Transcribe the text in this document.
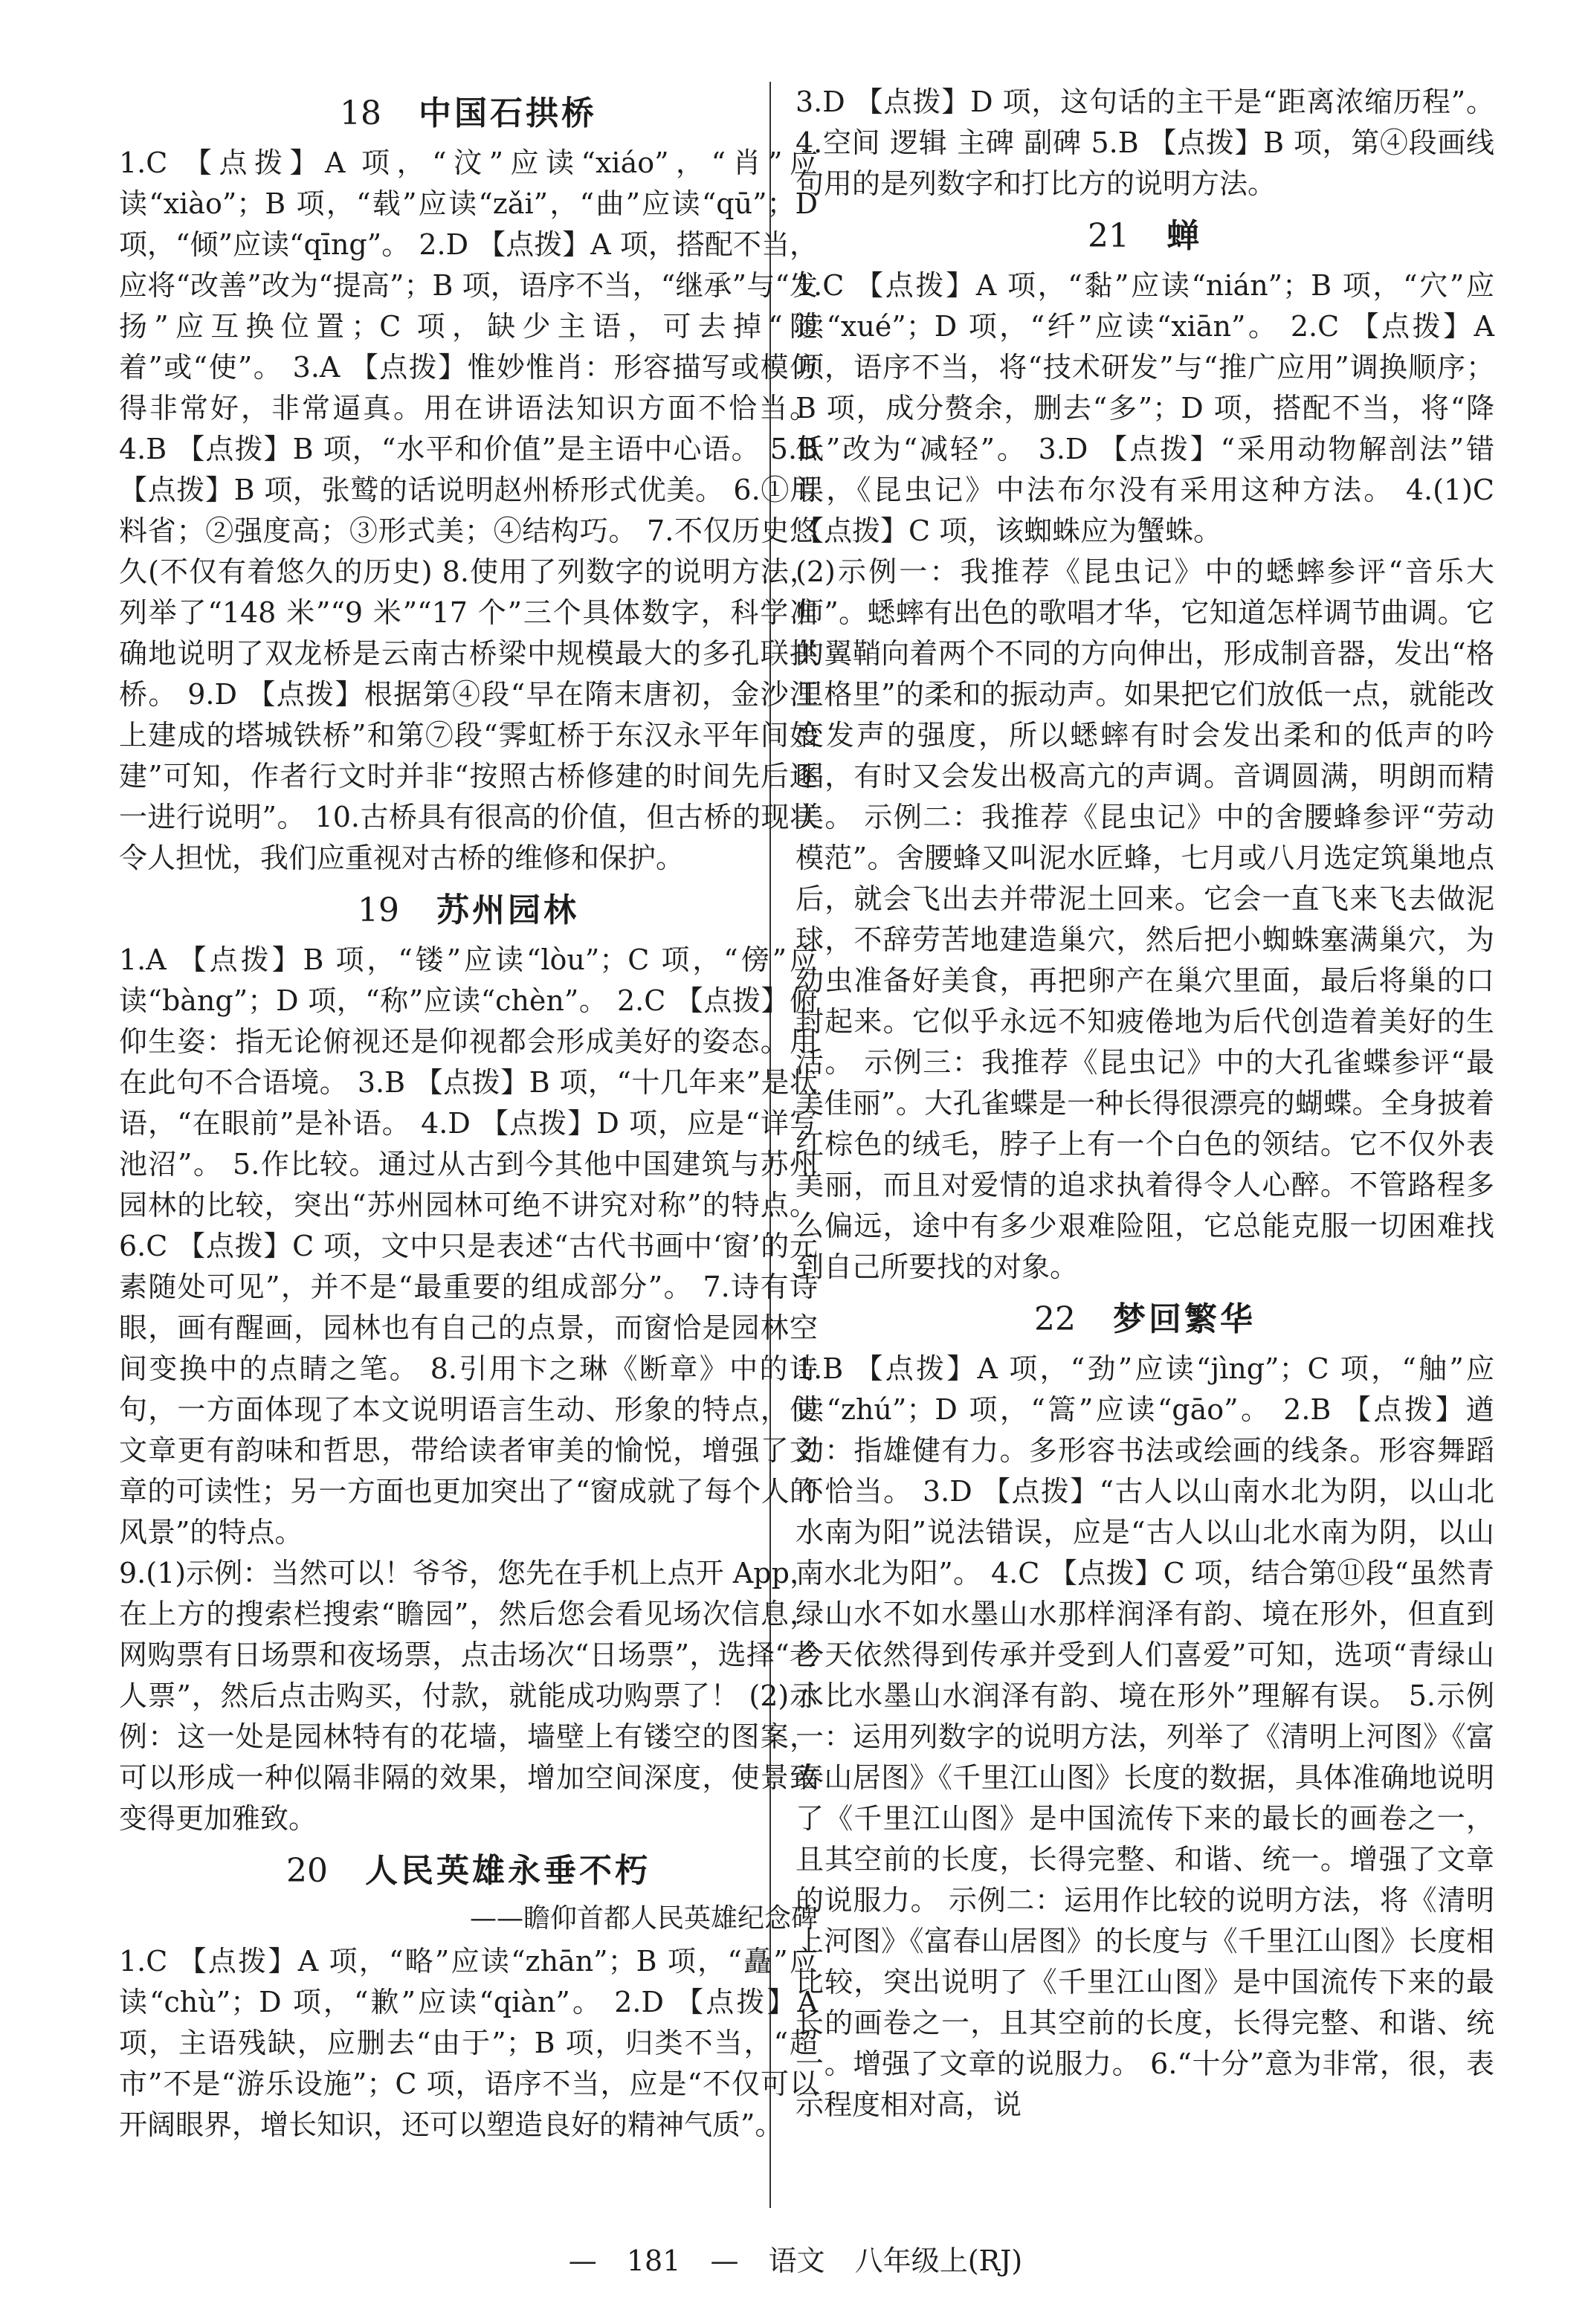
18 中国石拱桥

1.C 【点拨】A 项，“汶”应读“xiáo”，“肖”应读“xiào”；B 项，“载”应读“zǎi”，“曲”应读“qū”；D 项，“倾”应读“qīng”。 2.D 【点拨】A 项，搭配不当，应将“改善”改为“提高”；B 项，语序不当，“继承”与“发扬”应互换位置；C 项，缺少主语，可去掉“随着”或“使”。 3.A 【点拨】惟妙惟肖：形容描写或模仿得非常好，非常逼真。用在讲语法知识方面不恰当。 4.B 【点拨】B 项，“水平和价值”是主语中心语。 5.B 【点拨】B 项，张鹫的话说明赵州桥形式优美。 6.①用料省；②强度高；③形式美；④结构巧。 7.不仅历史悠久(不仅有着悠久的历史) 8.使用了列数字的说明方法，列举了“148 米”“9 米”“17 个”三个具体数字，科学准确地说明了双龙桥是云南古桥梁中规模最大的多孔联拱桥。 9.D 【点拨】根据第④段“早在隋末唐初，金沙江上建成的塔城铁桥”和第⑦段“霁虹桥于东汉永平年间始建”可知，作者行文时并非“按照古桥修建的时间先后逐一进行说明”。 10.古桥具有很高的价值，但古桥的现状令人担忧，我们应重视对古桥的维修和保护。

19 苏州园林

1.A 【点拨】B 项，“镂”应读“lòu”；C 项，“傍”应读“bàng”；D 项，“称”应读“chèn”。 2.C 【点拨】俯仰生姿：指无论俯视还是仰视都会形成美好的姿态。用在此句不合语境。 3.B 【点拨】B 项，“十几年来”是状语，“在眼前”是补语。 4.D 【点拨】D 项，应是“详写池沼”。 5.作比较。通过从古到今其他中国建筑与苏州园林的比较，突出“苏州园林可绝不讲究对称”的特点。 6.C 【点拨】C 项，文中只是表述“古代书画中‘窗’的元素随处可见”，并不是“最重要的组成部分”。 7.诗有诗眼，画有醒画，园林也有自己的点景，而窗恰是园林空间变换中的点睛之笔。 8.引用卞之琳《断章》中的诗句，一方面体现了本文说明语言生动、形象的特点，使文章更有韵味和哲思，带给读者审美的愉悦，增强了文章的可读性；另一方面也更加突出了“窗成就了每个人的风景”的特点。

9.(1)示例：当然可以！爷爷，您先在手机上点开 App，在上方的搜索栏搜索“瞻园”，然后您会看见场次信息，网购票有日场票和夜场票，点击场次“日场票”，选择“老人票”，然后点击购买，付款，就能成功购票了！ (2)示例：这一处是园林特有的花墙，墙壁上有镂空的图案，可以形成一种似隔非隔的效果，增加空间深度，使景致变得更加雅致。

20 人民英雄永垂不朽
——瞻仰首都人民英雄纪念碑

1.C 【点拨】A 项，“略”应读“zhān”；B 项，“矗”应读“chù”；D 项，“歉”应读“qiàn”。 2.D 【点拨】A 项，主语残缺，应删去“由于”；B 项，归类不当，“超市”不是“游乐设施”；C 项，语序不当，应是“不仅可以开阔眼界，增长知识，还可以塑造良好的精神气质”。

3.D 【点拨】D 项，这句话的主干是“距离浓缩历程”。 4.空间 逻辑 主碑 副碑 5.B 【点拨】B 项，第④段画线句用的是列数字和打比方的说明方法。

21 蝉

1.C 【点拨】A 项，“黏”应读“nián”；B 项，“穴”应读“xué”；D 项，“纤”应读“xiān”。 2.C 【点拨】A 项，语序不当，将“技术研发”与“推广应用”调换顺序；B 项，成分赘余，删去“多”；D 项，搭配不当，将“降低”改为“减轻”。 3.D 【点拨】“采用动物解剖法”错误，《昆虫记》中法布尔没有采用这种方法。 4.(1)C 【点拨】C 项，该蜘蛛应为蟹蛛。

(2)示例一：我推荐《昆虫记》中的蟋蟀参评“音乐大师”。蟋蟀有出色的歌唱才华，它知道怎样调节曲调。它的翼鞘向着两个不同的方向伸出，形成制音器，发出“格里格里”的柔和的振动声。如果把它们放低一点，就能改变发声的强度，所以蟋蟀有时会发出柔和的低声的吟唱，有时又会发出极高亢的声调。音调圆满，明朗而精美。 示例二：我推荐《昆虫记》中的舍腰蜂参评“劳动模范”。舍腰蜂又叫泥水匠蜂，七月或八月选定筑巢地点后，就会飞出去并带泥土回来。它会一直飞来飞去做泥球，不辞劳苦地建造巢穴，然后把小蜘蛛塞满巢穴，为幼虫准备好美食，再把卵产在巢穴里面，最后将巢的口封起来。它似乎永远不知疲倦地为后代创造着美好的生活。 示例三：我推荐《昆虫记》中的大孔雀蝶参评“最美佳丽”。大孔雀蝶是一种长得很漂亮的蝴蝶。全身披着红棕色的绒毛，脖子上有一个白色的领结。它不仅外表美丽，而且对爱情的追求执着得令人心醉。不管路程多么偏远，途中有多少艰难险阻，它总能克服一切困难找到自己所要找的对象。

22 梦回繁华

1.B 【点拨】A 项，“劲”应读“jìng”；C 项，“舳”应读“zhú”；D 项，“篙”应读“gāo”。 2.B 【点拨】遒劲：指雄健有力。多形容书法或绘画的线条。形容舞蹈不恰当。 3.D 【点拨】“古人以山南水北为阴，以山北水南为阳”说法错误，应是“古人以山北水南为阴，以山南水北为阳”。 4.C 【点拨】C 项，结合第⑪段“虽然青绿山水不如水墨山水那样润泽有韵、境在形外，但直到今天依然得到传承并受到人们喜爱”可知，选项“青绿山水比水墨山水润泽有韵、境在形外”理解有误。 5.示例一：运用列数字的说明方法，列举了《清明上河图》《富春山居图》《千里江山图》长度的数据，具体准确地说明了《千里江山图》是中国流传下来的最长的画卷之一，且其空前的长度，长得完整、和谐、统一。增强了文章的说服力。 示例二：运用作比较的说明方法，将《清明上河图》《富春山居图》的长度与《千里江山图》长度相比较，突出说明了《千里江山图》是中国流传下来的最长的画卷之一，且其空前的长度，长得完整、和谐、统一。增强了文章的说服力。 6.“十分”意为非常，很，表示程度相对高，说

— 181 — 语文 八年级上(RJ)
